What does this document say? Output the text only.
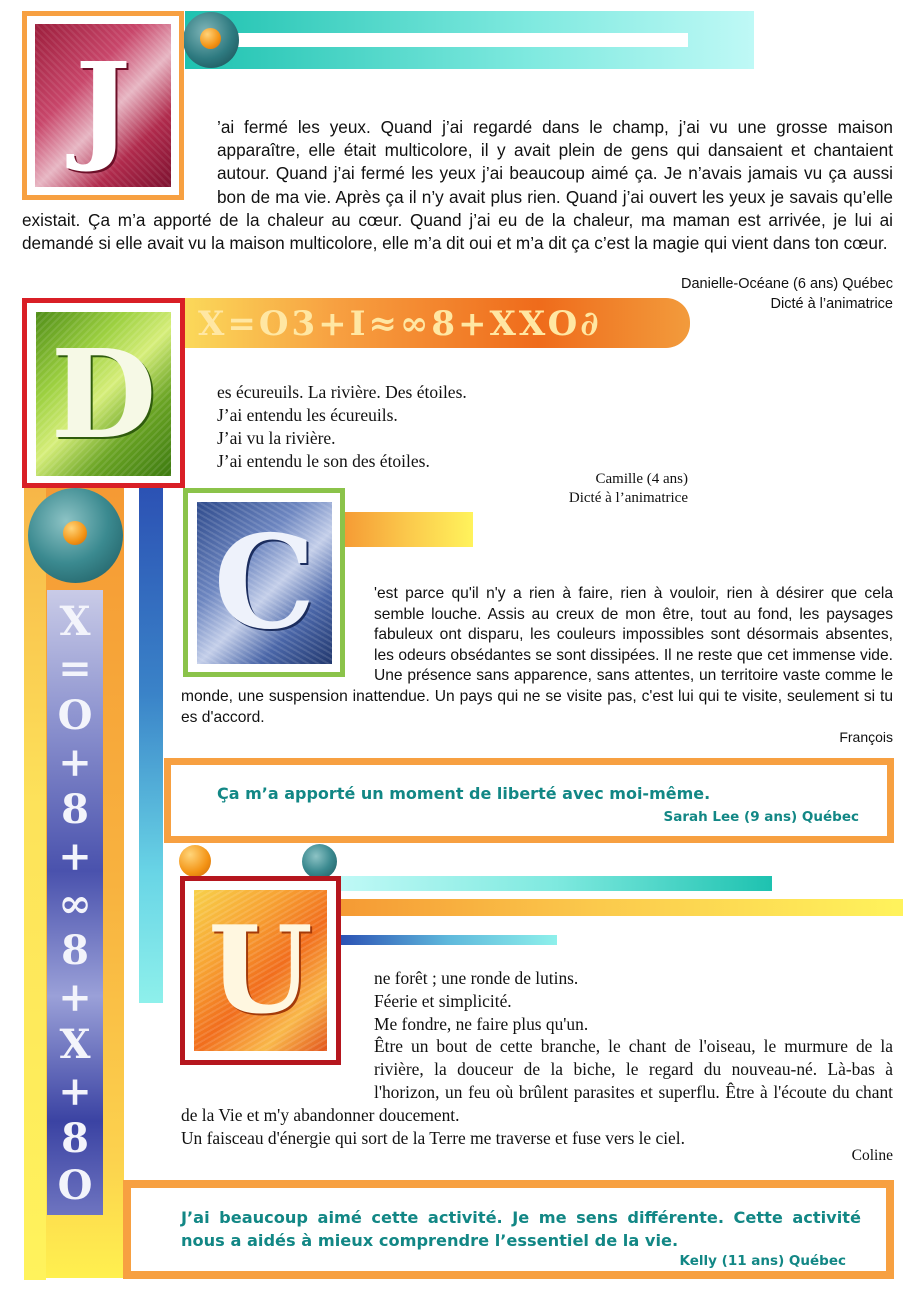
J	’ai fermé les yeux. Quand j’ai regardé dans le champ, j’ai vu une grosse maison apparaître, elle était multicolore, il y avait plein de gens qui dansaient et chantaient autour. Quand j’ai fermé les yeux j’ai beaucoup aimé ça. Je n’avais jamais vu ça aussi bon de ma vie. Après ça il n’y avait plus rien. Quand j’ai ouvert les yeux je savais qu’elle existait. Ça m’a apporté de la chaleur au cœur. Quand j’ai eu de la chaleur, ma maman est arrivée, je lui ai demandé si elle avait vu la maison multicolore, elle m’a dit oui et m’a dit ça c’est la magie qui vient dans ton cœur.
Danielle-Océane (6 ans) Québec
Dicté à l’animatrice
X=O3+I≈∞8+XXO∂
D	es écureuils. La rivière. Des étoiles.
J’ai entendu les écureuils.
J’ai vu la rivière.
J’ai entendu le son des étoiles.
Camille (4 ans)
Dicté à l’animatrice
X=O+8+∞8+X+8O
C	'est parce qu'il n'y a rien à faire, rien à vouloir, rien à désirer que cela semble louche. Assis au creux de mon être, tout au fond, les paysages fabuleux ont disparu, les couleurs impossibles sont désormais absentes, les odeurs obsédantes se sont dissipées. Il ne reste que cet immense vide. Une présence sans apparence, sans attentes, un territoire vaste comme le monde, une suspension inattendue. Un pays qui ne se visite pas, c'est lui qui te visite, seulement si tu es d'accord.
François
Ça m’a apporté un moment de liberté avec moi-même.
Sarah Lee (9 ans) Québec
U	ne forêt ; une ronde de lutins.
Féerie et simplicité.
Me fondre, ne faire plus qu'un.
Être un bout de cette branche, le chant de l'oiseau, le murmure de la rivière, la douceur de la biche, le regard du nouveau-né. Là-bas à l'horizon, un feu où brûlent parasites et superflu. Être à l'écoute du chant de la Vie et m'y abandonner doucement.
Un faisceau d'énergie qui sort de la Terre me traverse et fuse vers le ciel.
Coline
J’ai beaucoup aimé cette activité. Je me sens différente. Cette activité nous a aidés à mieux comprendre l’essentiel de la vie.
Kelly (11 ans) Québec
